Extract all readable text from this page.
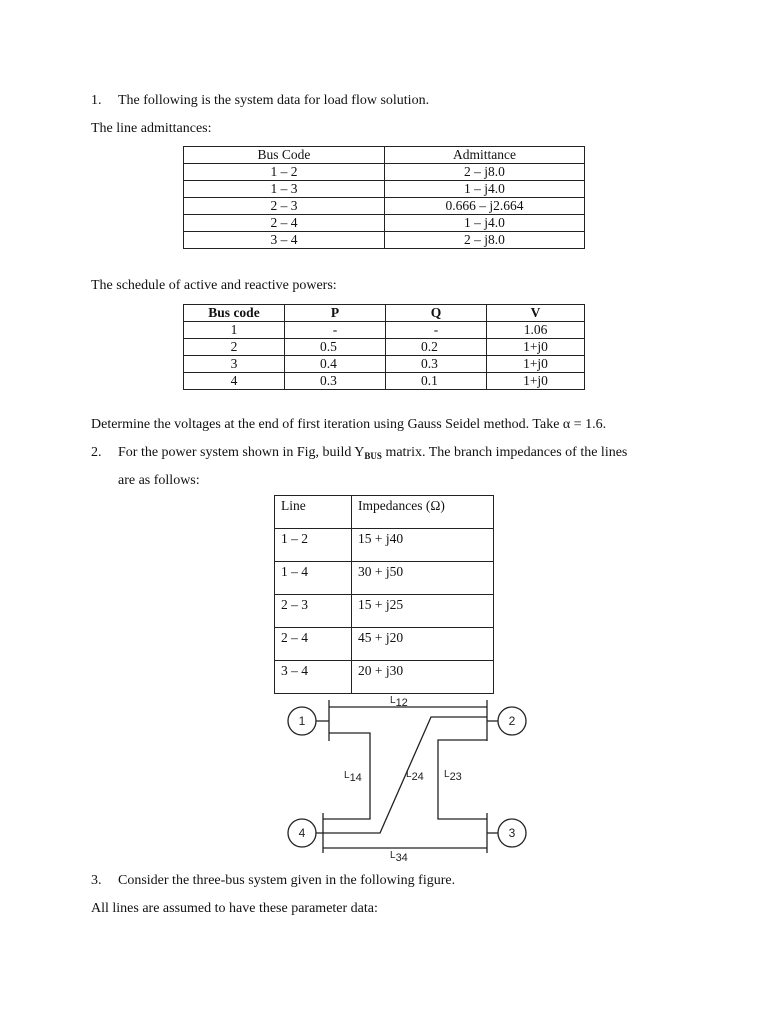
1. The following is the system data for load flow solution.
The line admittances:
Bus Code	Admittance
1 – 2	2 – j8.0
1 – 3	1 – j4.0
2 – 3	0.666 – j2.664
2 – 4	1 – j4.0
3 – 4	2 – j8.0
The schedule of active and reactive powers:
Bus code	P	Q	V
1	-	-	1.06
2	0.5	0.2	1+j0
3	0.4	0.3	1+j0
4	0.3	0.1	1+j0
Determine the voltages at the end of first iteration using Gauss Seidel method. Take α = 1.6.
2. For the power system shown in Fig, build $Y_{BUS}$ matrix. The branch impedances of the lines
are as follows:
Line	Impedances (Ω)
1 – 2	15 + j40
1 – 4	30 + j50
2 – 3	15 + j25
2 – 4	45 + j20
3 – 4	20 + j30
1	2
3
4
L12
L14	L24 L23
L34
3. Consider the three-bus system given in the following figure.
All lines are assumed to have these parameter data:
